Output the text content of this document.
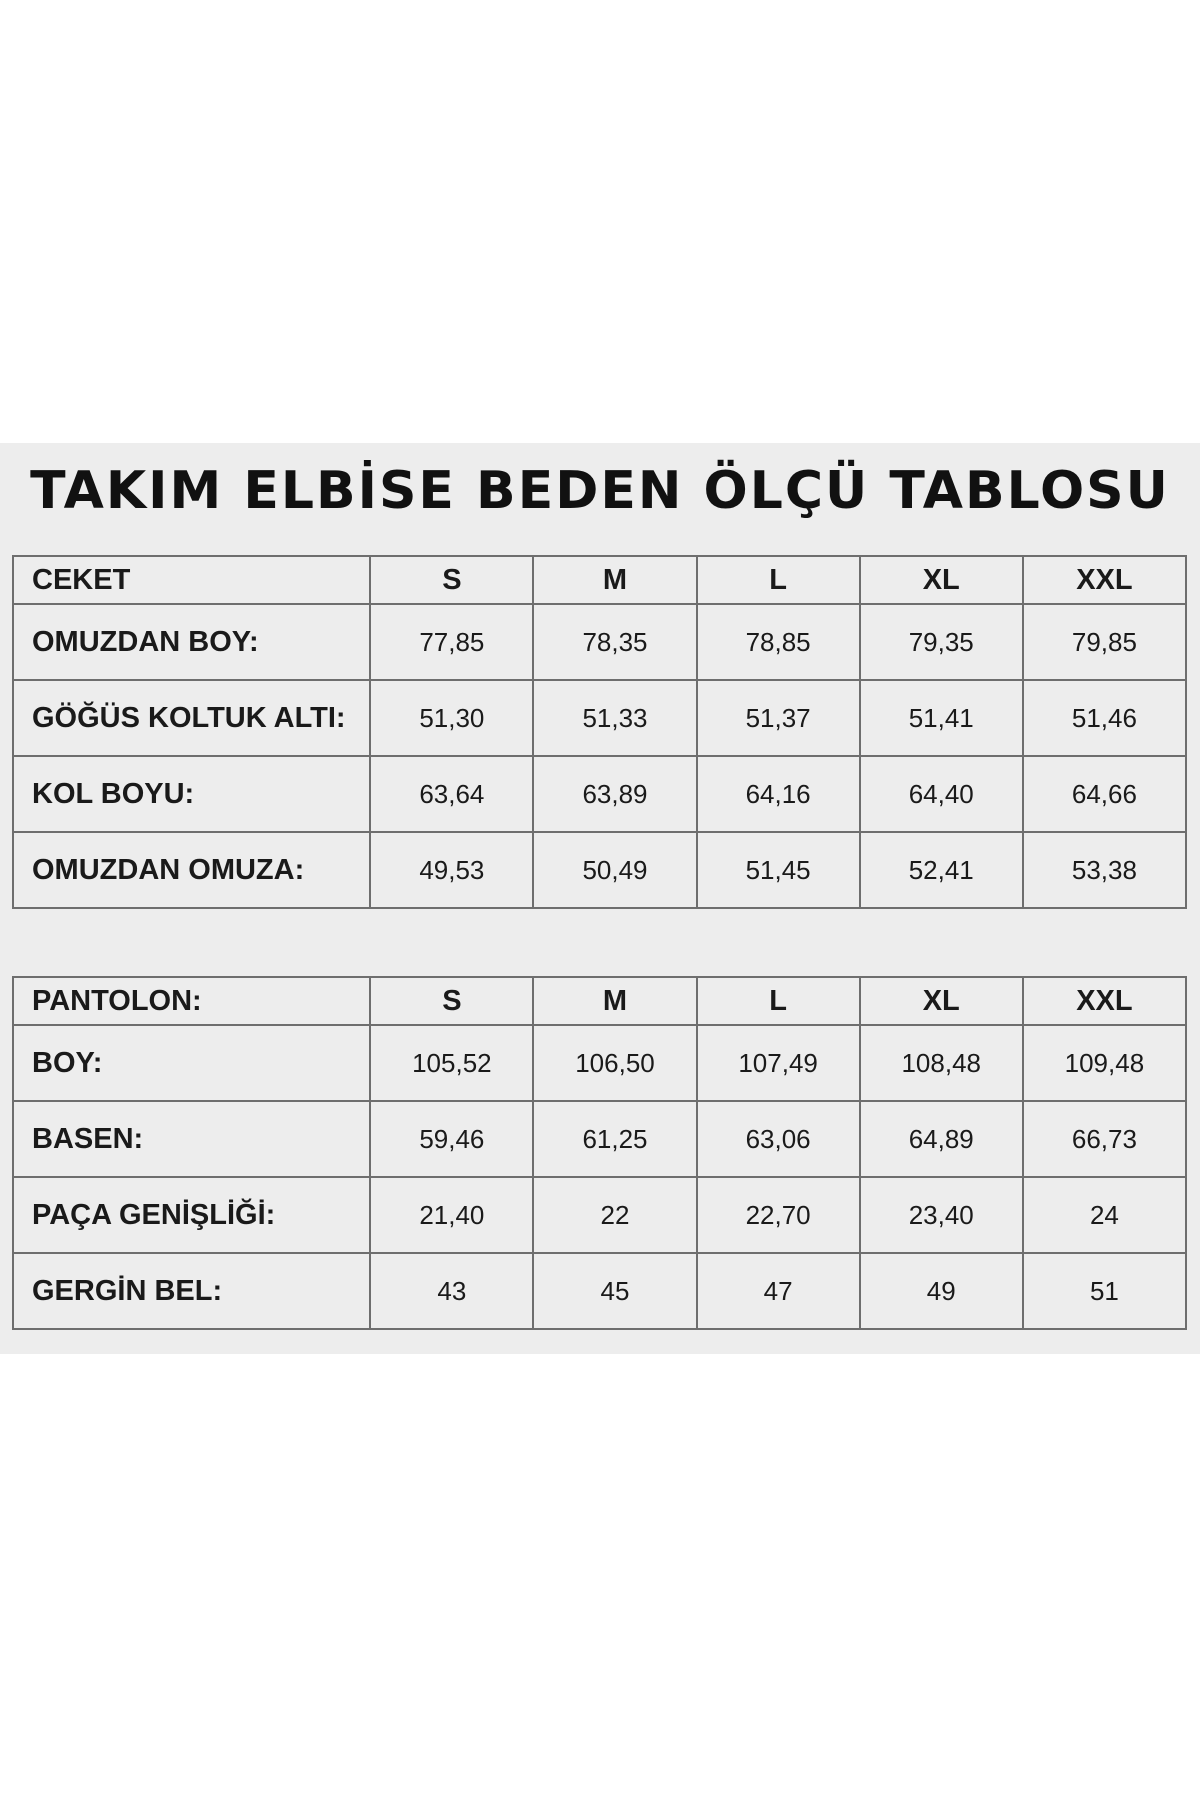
TAKIM ELBİSE BEDEN ÖLÇÜ TABLOSU
CEKET	S	M	L	XL	XXL
OMUZDAN BOY:	77,85	78,35	78,85	79,35	79,85
GÖĞÜS KOLTUK ALTI:	51,30	51,33	51,37	51,41	51,46
KOL BOYU:	63,64	63,89	64,16	64,40	64,66
OMUZDAN OMUZA:	49,53	50,49	51,45	52,41	53,38
PANTOLON:	S	M	L	XL	XXL
BOY:	105,52	106,50	107,49	108,48	109,48
BASEN:	59,46	61,25	63,06	64,89	66,73
PAÇA GENİŞLİĞİ:	21,40	22	22,70	23,40	24
GERGİN BEL:	43	45	47	49	51
